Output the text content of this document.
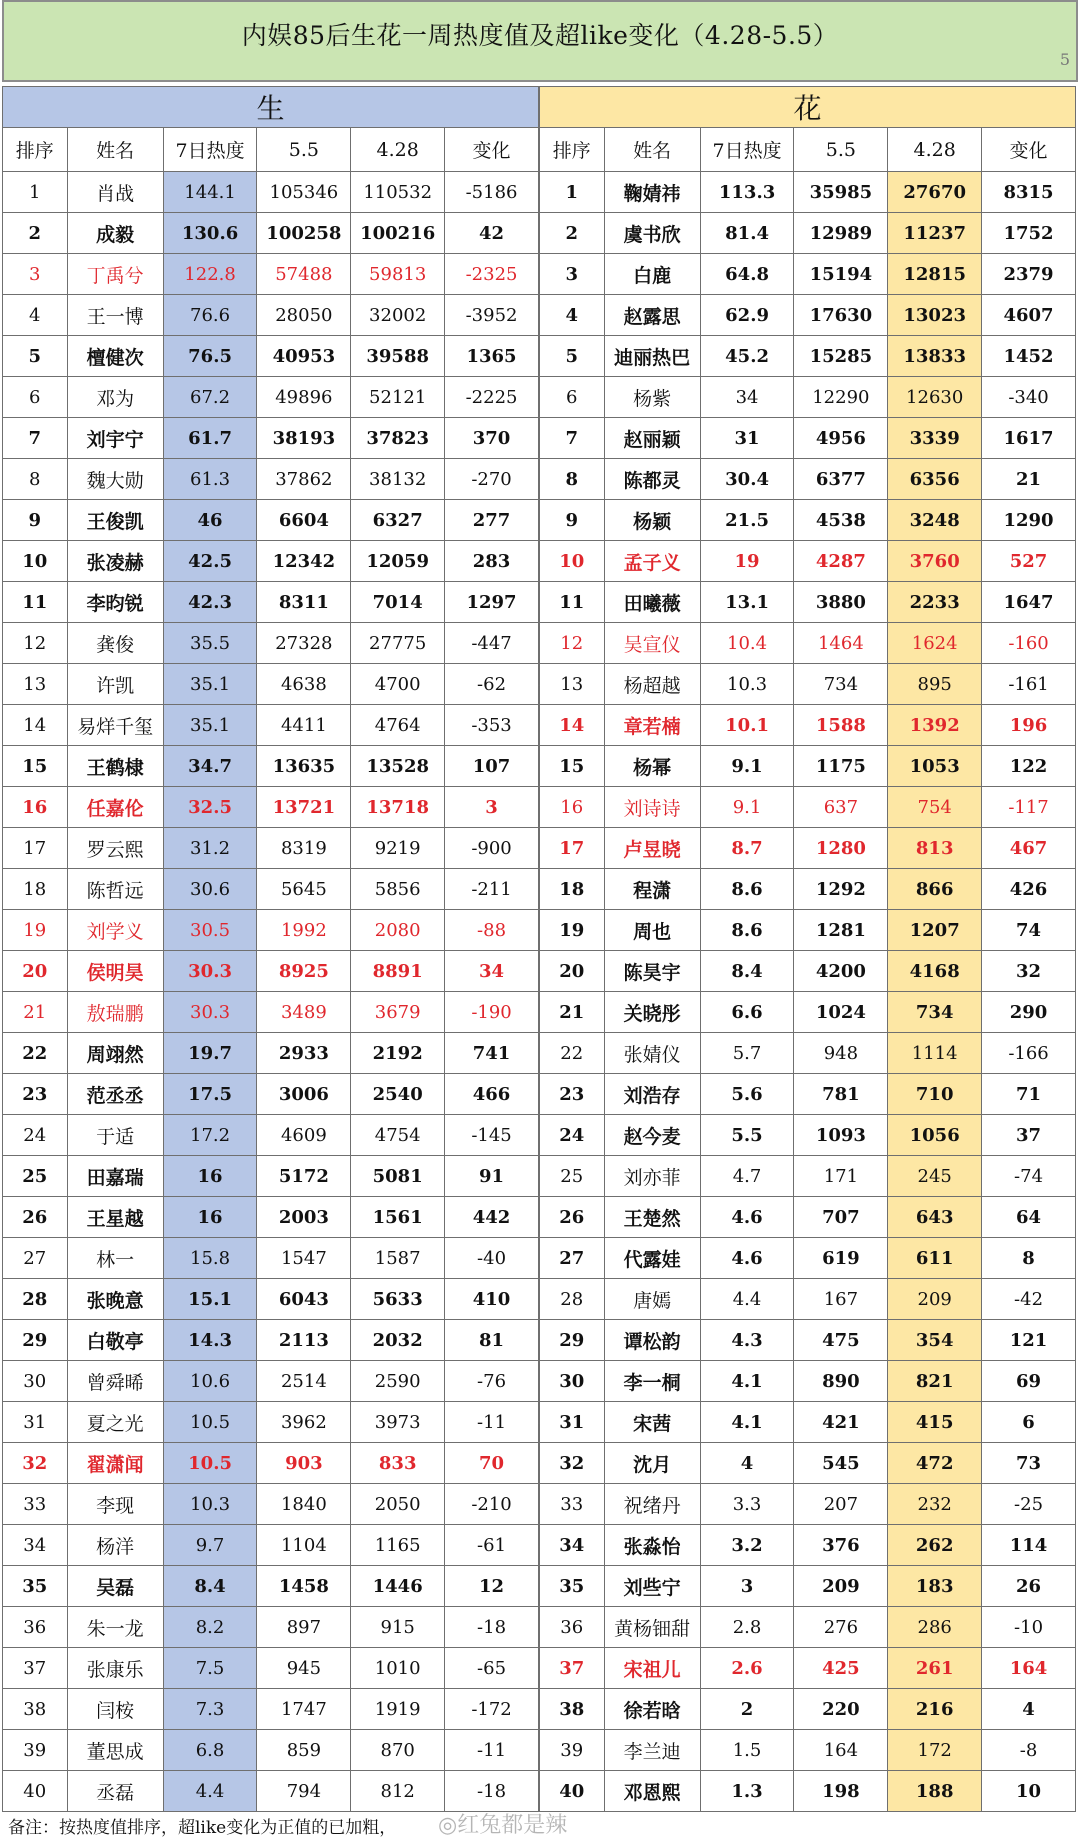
内娱85后生花一周热度值及超like变化（4.28-5.5）
5
生					
排序	姓名	7日热度	5.5	4.28	变化
1	肖战	144.1	105346	110532	-5186
2	成毅	130.6	100258	100216	42
3	丁禹兮	122.8	57488	59813	-2325
4	王一博	76.6	28050	32002	-3952
5	檀健次	76.5	40953	39588	1365
6	邓为	67.2	49896	52121	-2225
7	刘宇宁	61.7	38193	37823	370
8	魏大勋	61.3	37862	38132	-270
9	王俊凯	46	6604	6327	277
10	张凌赫	42.5	12342	12059	283
11	李昀锐	42.3	8311	7014	1297
12	龚俊	35.5	27328	27775	-447
13	许凯	35.1	4638	4700	-62
14	易烊千玺	35.1	4411	4764	-353
15	王鹤棣	34.7	13635	13528	107
16	任嘉伦	32.5	13721	13718	3
17	罗云熙	31.2	8319	9219	-900
18	陈哲远	30.6	5645	5856	-211
19	刘学义	30.5	1992	2080	-88
20	侯明昊	30.3	8925	8891	34
21	敖瑞鹏	30.3	3489	3679	-190
22	周翊然	19.7	2933	2192	741
23	范丞丞	17.5	3006	2540	466
24	于适	17.2	4609	4754	-145
25	田嘉瑞	16	5172	5081	91
26	王星越	16	2003	1561	442
27	林一	15.8	1547	1587	-40
28	张晚意	15.1	6043	5633	410
29	白敬亭	14.3	2113	2032	81
30	曾舜晞	10.6	2514	2590	-76
31	夏之光	10.5	3962	3973	-11
32	翟潇闻	10.5	903	833	70
33	李现	10.3	1840	2050	-210
34	杨洋	9.7	1104	1165	-61
35	吴磊	8.4	1458	1446	12
36	朱一龙	8.2	897	915	-18
37	张康乐	7.5	945	1010	-65
38	闫桉	7.3	1747	1919	-172
39	董思成	6.8	859	870	-11
40	丞磊	4.4	794	812	-18
花					
排序	姓名	7日热度	5.5	4.28	变化
1	鞠婧祎	113.3	35985	27670	8315
2	虞书欣	81.4	12989	11237	1752
3	白鹿	64.8	15194	12815	2379
4	赵露思	62.9	17630	13023	4607
5	迪丽热巴	45.2	15285	13833	1452
6	杨紫	34	12290	12630	-340
7	赵丽颖	31	4956	3339	1617
8	陈都灵	30.4	6377	6356	21
9	杨颖	21.5	4538	3248	1290
10	孟子义	19	4287	3760	527
11	田曦薇	13.1	3880	2233	1647
12	吴宣仪	10.4	1464	1624	-160
13	杨超越	10.3	734	895	-161
14	章若楠	10.1	1588	1392	196
15	杨幂	9.1	1175	1053	122
16	刘诗诗	9.1	637	754	-117
17	卢昱晓	8.7	1280	813	467
18	程潇	8.6	1292	866	426
19	周也	8.6	1281	1207	74
20	陈昊宇	8.4	4200	4168	32
21	关晓彤	6.6	1024	734	290
22	张婧仪	5.7	948	1114	-166
23	刘浩存	5.6	781	710	71
24	赵今麦	5.5	1093	1056	37
25	刘亦菲	4.7	171	245	-74
26	王楚然	4.6	707	643	64
27	代露娃	4.6	619	611	8
28	唐嫣	4.4	167	209	-42
29	谭松韵	4.3	475	354	121
30	李一桐	4.1	890	821	69
31	宋茜	4.1	421	415	6
32	沈月	4	545	472	73
33	祝绪丹	3.3	207	232	-25
34	张淼怡	3.2	376	262	114
35	刘些宁	3	209	183	26
36	黄杨钿甜	2.8	276	286	-10
37	宋祖儿	2.6	425	261	164
38	徐若晗	2	220	216	4
39	李兰迪	1.5	164	172	-8
40	邓恩熙	1.3	198	188	10
备注：按热度值排序，超like变化为正值的已加粗， ◎红兔都是辣
